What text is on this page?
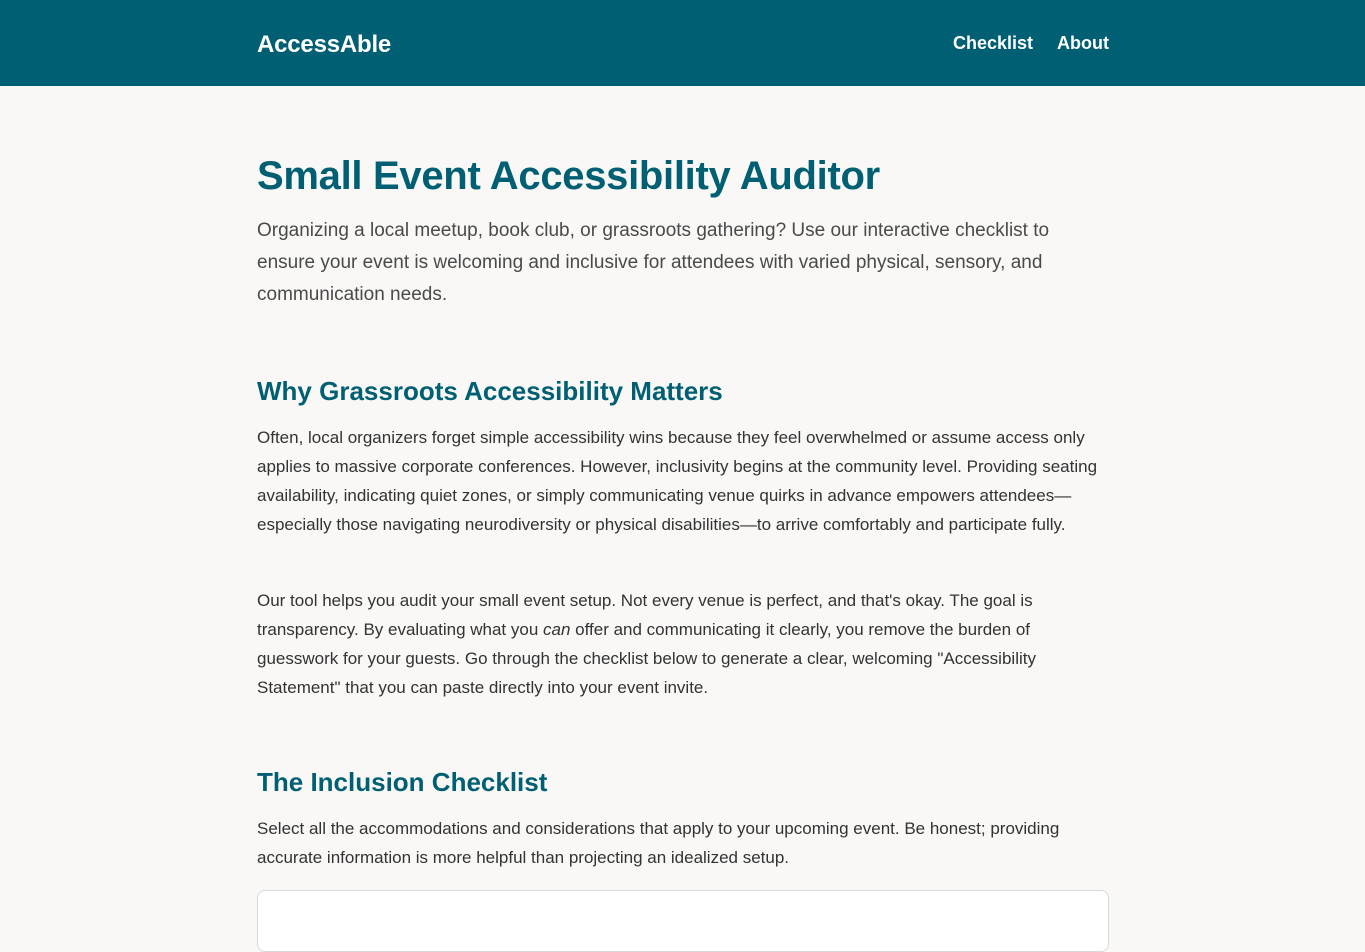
AccessAble	Checklist About
Small Event Accessibility Auditor

Organizing a local meetup, book club, or grassroots gathering? Use our interactive checklist to ensure your event is welcoming and inclusive for attendees with varied physical, sensory, and communication needs.

Why Grassroots Accessibility Matters

Often, local organizers forget simple accessibility wins because they feel overwhelmed or assume access only applies to massive corporate conferences. However, inclusivity begins at the community level. Providing seating availability, indicating quiet zones, or simply communicating venue quirks in advance empowers attendees—especially those navigating neurodiversity or physical disabilities—to arrive comfortably and participate fully.

Our tool helps you audit your small event setup. Not every venue is perfect, and that's okay. The goal is transparency. By evaluating what you can offer and communicating it clearly, you remove the burden of guesswork for your guests. Go through the checklist below to generate a clear, welcoming "Accessibility Statement" that you can paste directly into your event invite.

The Inclusion Checklist

Select all the accommodations and considerations that apply to your upcoming event. Be honest; providing accurate information is more helpful than projecting an idealized setup.
